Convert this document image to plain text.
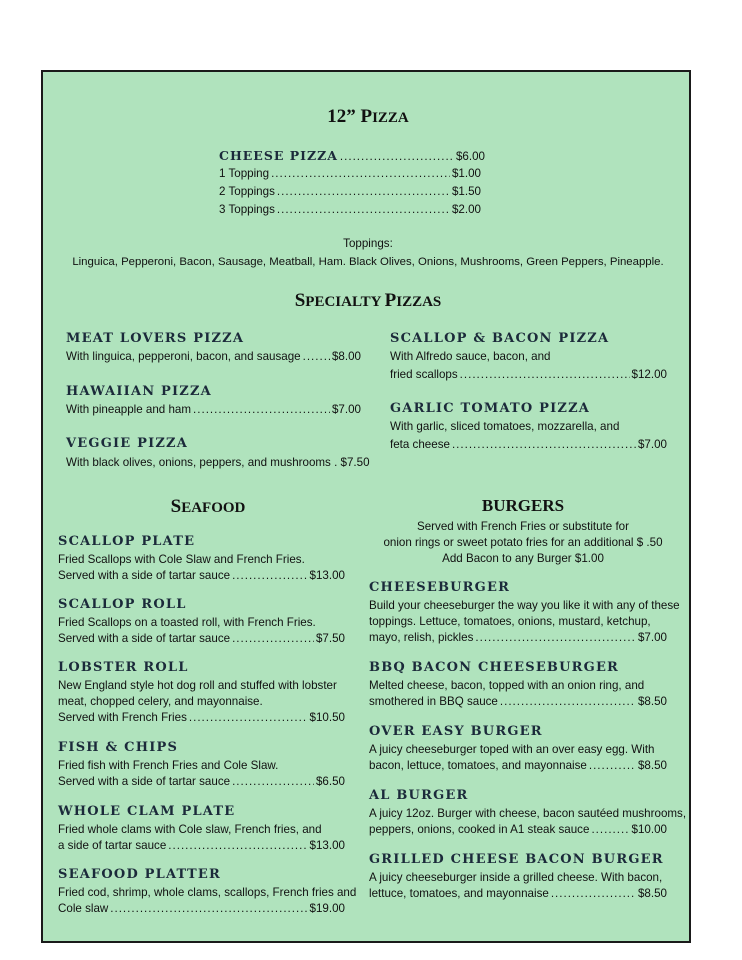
12” PIZZA
CHEESE PIZZA .....	$6.00
1 Topping .....	$1.00
2 Toppings .....	$1.50
3 Toppings .....	$2.00
Toppings:
Linguica, Pepperoni, Bacon, Sausage, Meatball, Ham. Black Olives, Onions, Mushrooms, Green Peppers, Pineapple.
SPECIALTY PIZZAS
MEAT LOVERS PIZZA
With linguica, pepperoni, bacon, and sausage .....	$8.00
HAWAIIAN PIZZA
With pineapple and ham .....	$7.00
VEGGIE PIZZA
With black olives, onions, peppers, and mushrooms . $7.50
SCALLOP & BACON PIZZA
With Alfredo sauce, bacon, and
fried scallops .....	$12.00
GARLIC TOMATO PIZZA
With garlic, sliced tomatoes, mozzarella, and
feta cheese .....	$7.00
SEAFOOD
SCALLOP PLATE
Fried Scallops with Cole Slaw and French Fries.
Served with a side of tartar sauce .....	$13.00
SCALLOP ROLL
Fried Scallops on a toasted roll, with French Fries.
Served with a side of tartar sauce .....	$7.50
LOBSTER ROLL
New England style hot dog roll and stuffed with lobster
meat, chopped celery, and mayonnaise.
Served with French Fries .....	$10.50
FISH & CHIPS
Fried fish with French Fries and Cole Slaw.
Served with a side of tartar sauce .....	$6.50
WHOLE CLAM PLATE
Fried whole clams with Cole slaw, French fries, and
a side of tartar sauce .....	$13.00
SEAFOOD PLATTER
Fried cod, shrimp, whole clams, scallops, French fries and
Cole slaw .....	$19.00
BURGERS
Served with French Fries or substitute for
onion rings or sweet potato fries for an additional $ .50
Add Bacon to any Burger $1.00
CHEESEBURGER
Build your cheeseburger the way you like it with any of these
toppings. Lettuce, tomatoes, onions, mustard, ketchup,
mayo, relish, pickles .....	$7.00
BBQ BACON CHEESEBURGER
Melted cheese, bacon, topped with an onion ring, and
smothered in BBQ sauce .....	$8.50
OVER EASY BURGER
A juicy cheeseburger toped with an over easy egg. With
bacon, lettuce, tomatoes, and mayonnaise .....	$8.50
AL BURGER
A juicy 12oz. Burger with cheese, bacon sautéed mushrooms,
peppers, onions, cooked in A1 steak sauce .....	$10.00
GRILLED CHEESE BACON BURGER
A juicy cheeseburger inside a grilled cheese. With bacon,
lettuce, tomatoes, and mayonnaise .....	$8.50
